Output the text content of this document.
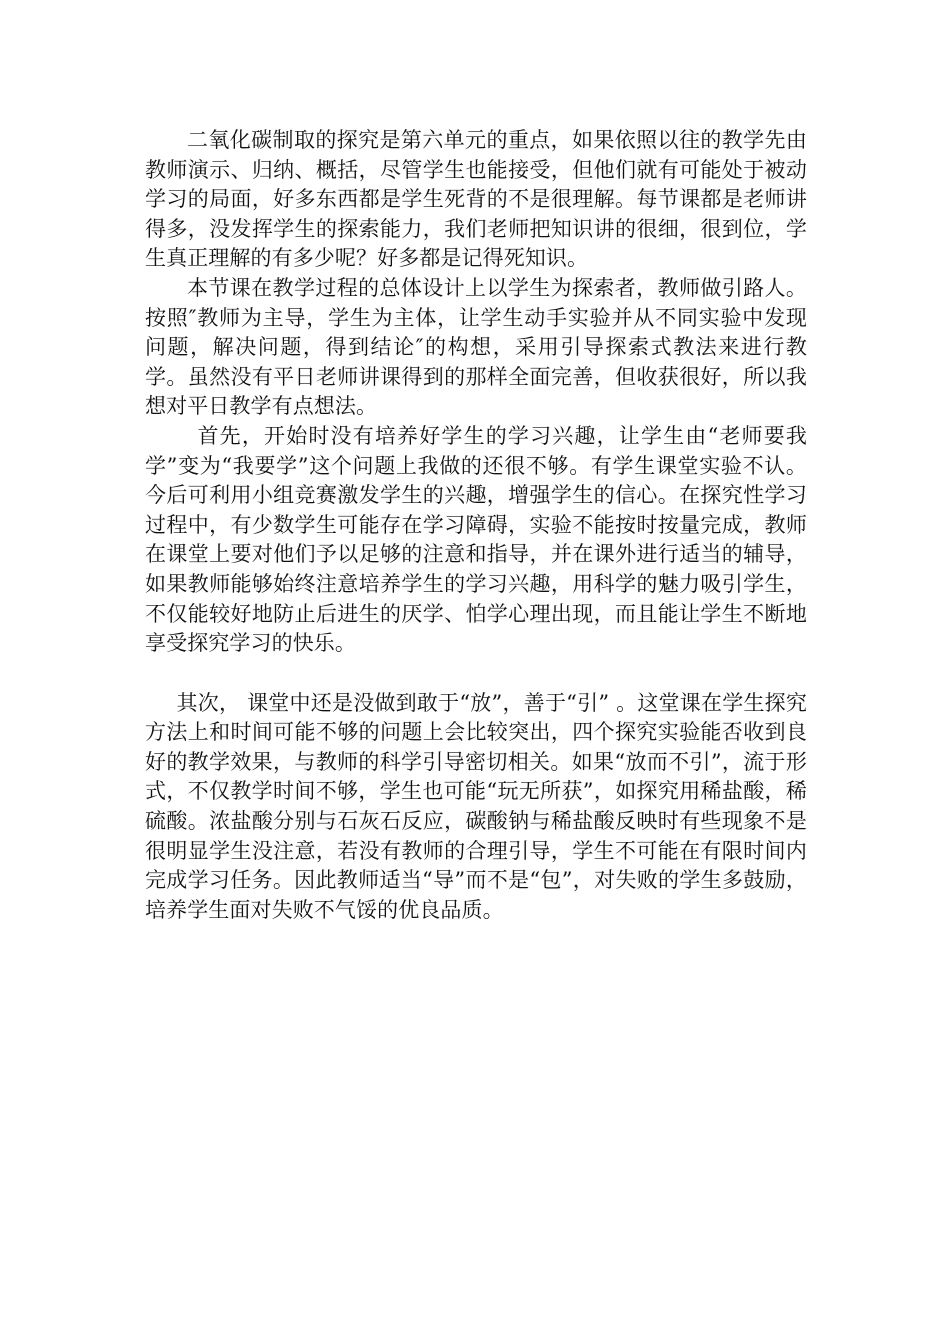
二氧化碳制取的探究是第六单元的重点，如果依照以往的教学先由教师演示、归纳、概括，尽管学生也能接受，但他们就有可能处于被动学习的局面，好多东西都是学生死背的不是很理解。每节课都是老师讲得多，没发挥学生的探索能力，我们老师把知识讲的很细，很到位，学生真正理解的有多少呢？好多都是记得死知识。

本节课在教学过程的总体设计上以学生为探索者，教师做引路人。按照″教师为主导，学生为主体，让学生动手实验并从不同实验中发现问题，解决问题，得到结论″的构想，采用引导探索式教法来进行教学。虽然没有平日老师讲课得到的那样全面完善，但收获很好，所以我想对平日教学有点想法。

首先，开始时没有培养好学生的学习兴趣，让学生由“老师要我学”变为“我要学”这个问题上我做的还很不够。有学生课堂实验不认。今后可利用小组竞赛激发学生的兴趣，增强学生的信心。在探究性学习过程中，有少数学生可能存在学习障碍，实验不能按时按量完成，教师在课堂上要对他们予以足够的注意和指导，并在课外进行适当的辅导，如果教师能够始终注意培养学生的学习兴趣，用科学的魅力吸引学生，不仅能较好地防止后进生的厌学、怕学心理出现，而且能让学生不断地享受探究学习的快乐。

其次， 课堂中还是没做到敢于“放”，善于“引” 。这堂课在学生探究方法上和时间可能不够的问题上会比较突出，四个探究实验能否收到良好的教学效果，与教师的科学引导密切相关。如果“放而不引”，流于形式，不仅教学时间不够，学生也可能“玩无所获”，如探究用稀盐酸，稀硫酸。浓盐酸分别与石灰石反应，碳酸钠与稀盐酸反映时有些现象不是很明显学生没注意，若没有教师的合理引导，学生不可能在有限时间内完成学习任务。因此教师适当“导”而不是“包”，对失败的学生多鼓励，培养学生面对失败不气馁的优良品质。
